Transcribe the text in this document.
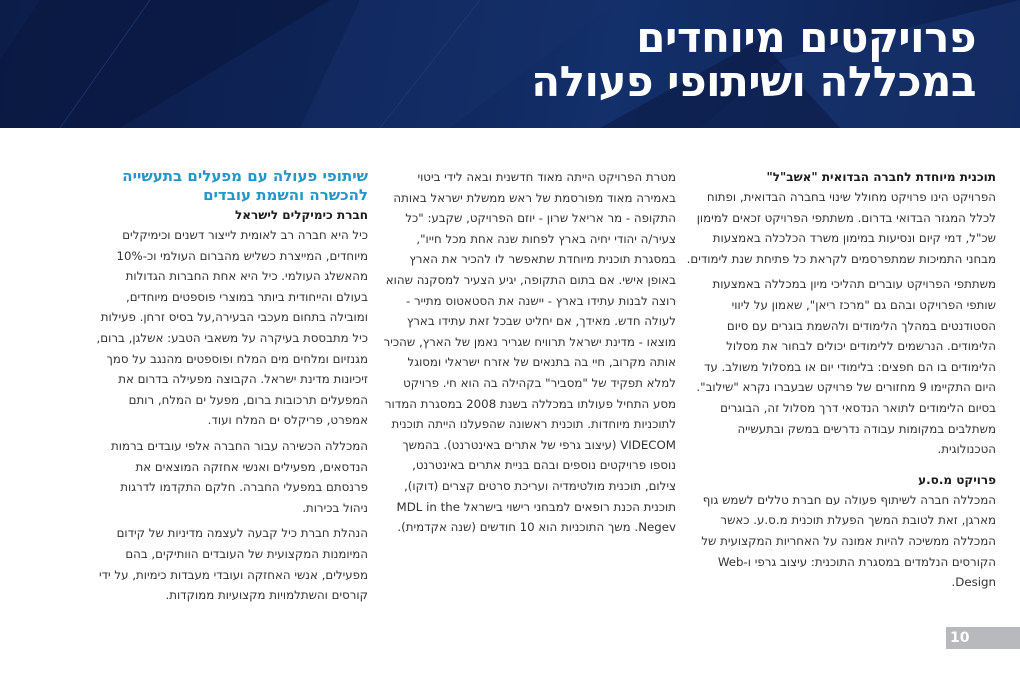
פרויקטים מיוחדים
במכללה ושיתופי פעולה
תוכנית מיוחדת לחברה הבדואית "אשב"ל"

הפרויקט הינו פרויקט מחולל שינוי בחברה הבדואית, ופתוח לכלל המגזר הבדואי בדרום. משתתפי הפרויקט זכאים למימון שכ"ל, דמי קיום ונסיעות במימון משרד הכלכלה באמצעות מבחני התמיכות שמתפרסמים לקראת כל פתיחת שנת לימודים.

משתתפי הפרויקט עוברים תהליכי מיון במכללה באמצעות שותפי הפרויקט ובהם גם "מרכז ריאן", שאמון על ליווי הסטודנטים במהלך הלימודים ולהשמת בוגרים עם סיום הלימודים. הנרשמים ללימודים יכולים לבחור את מסלול הלימודים בו הם חפצים: בלימודי יום או במסלול משולב. עד היום התקיימו 9 מחזורים של פרויקט שבעברו נקרא "שילוב". בסיום הלימודים לתואר הנדסאי דרך מסלול זה, הבוגרים משתלבים במקומות עבודה נדרשים במשק ובתעשייה הטכנולוגית.

פרויקט מ.ס.ע

המכללה חברה לשיתוף פעולה עם חברת טללים לשמש גוף מארגן, זאת לטובת המשך הפעלת תוכנית מ.ס.ע. כאשר המכללה ממשיכה להיות אמונה על האחריות המקצועית של הקורסים הנלמדים במסגרת התוכנית: עיצוב גרפי ו-Web Design.

מטרת הפרויקט הייתה מאוד חדשנית ובאה לידי ביטוי באמירה מאוד מפורסמת של ראש ממשלת ישראל באותה התקופה - מר אריאל שרון - יוזם הפרויקט, שקבע: "כל צעיר/ה יהודי יחיה בארץ לפחות שנה אחת מכל חייו", במסגרת תוכנית מיוחדת שתאפשר לו להכיר את הארץ באופן אישי. אם בתום התקופה, יגיע הצעיר למסקנה שהוא רוצה לבנות עתידו בארץ - יישנה את הסטאטוס מתייר - לעולה חדש. מאידך, אם יחליט שבכל זאת עתידו בארץ מוצאו - מדינת ישראל תרוויח שגריר נאמן של הארץ, שהכיר אותה מקרוב, חיי בה בתנאים של אזרח ישראלי ומסוגל למלא תפקיד של "מסביר" בקהילה בה הוא חי. פרויקט מסע התחיל פעולתו במכללה בשנת 2008 במסגרת המדור לתוכניות מיוחדות. תוכנית ראשונה שהפעלנו הייתה תוכנית VIDECOM (עיצוב גרפי של אתרים באינטרנט). בהמשך נוספו פרויקטים נוספים ובהם בניית אתרים באינטרנט, צילום, תוכנית מולטימדיה ועריכת סרטים קצרים (דוקו), תוכנית הכנת רופאים למבחני רישוי בישראל MDL in the Negev. משך התוכניות הוא 10 חודשים (שנה אקדמית).

שיתופי פעולה עם מפעלים בתעשייה להכשרה והשמת עובדים
חברת כימיקלים לישראל

כיל היא חברה רב לאומית לייצור דשנים וכימיקלים מיוחדים, המייצרת כשליש מהברום העולמי וכ-10% מהאשלג העולמי. כיל היא אחת החברות הגדולות בעולם והייחודית ביותר במוצרי פוספטים מיוחדים, ומובילה בתחום מעכבי הבעירה,על בסיס זרחן. פעילות כיל מתבססת בעיקרה על משאבי הטבע: אשלגן, ברום, מגנזיום ומלחים מים המלח ופוספטים מהנגב על סמך זיכיונות מדינת ישראל. הקבוצה מפעילה בדרום את המפעלים תרכובות ברום, מפעל ים המלח, רותם אמפרט, פריקלס ים המלח ועוד.

המכללה הכשירה עבור החברה אלפי עובדים ברמות הנדסאים, מפעילים ואנשי אחזקה המוצאים את פרנסתם במפעלי החברה. חלקם התקדמו לדרגות ניהול בכירות.

הנהלת חברת כיל קבעה לעצמה מדיניות של קידום המיומנות המקצועית של העובדים הוותיקים, בהם מפעילים, אנשי האחזקה ועובדי מעבדות כימיות, על ידי קורסים והשתלמויות מקצועיות ממוקדות.

10
